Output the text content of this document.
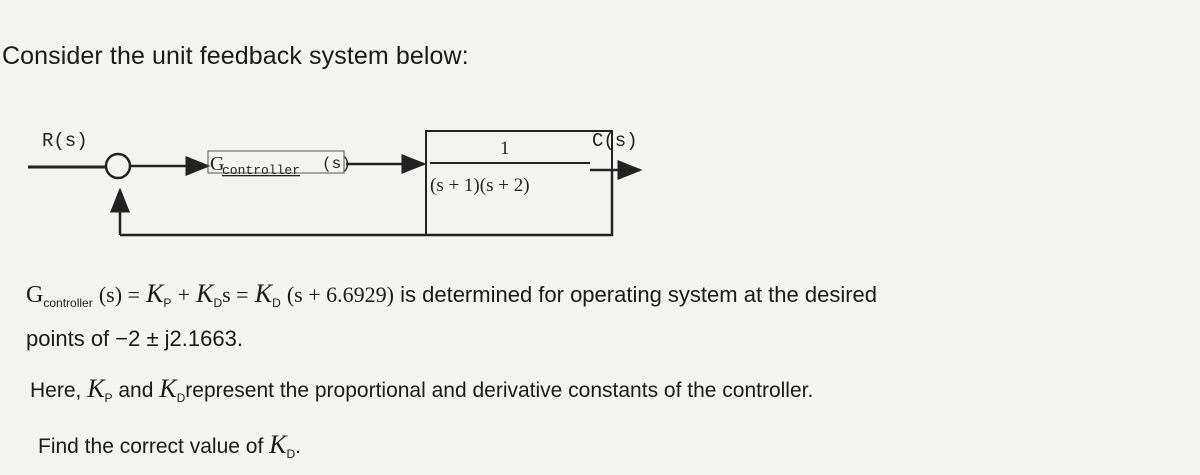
Consider the unit feedback system below:
R(s)	C(s)
G
controller (s)
1
(s + 1)(s + 2)
$G_{controller}$ $(s) = K_P + K_Ds = K_D$ (s + 6.6929) is determined for operating system at the desired
points of −2 ± j2.1663.
Here, $K_P$ and $K_Drepresent$ the proportional and derivative constants of the controller.
Find the correct value of $K_D$.
